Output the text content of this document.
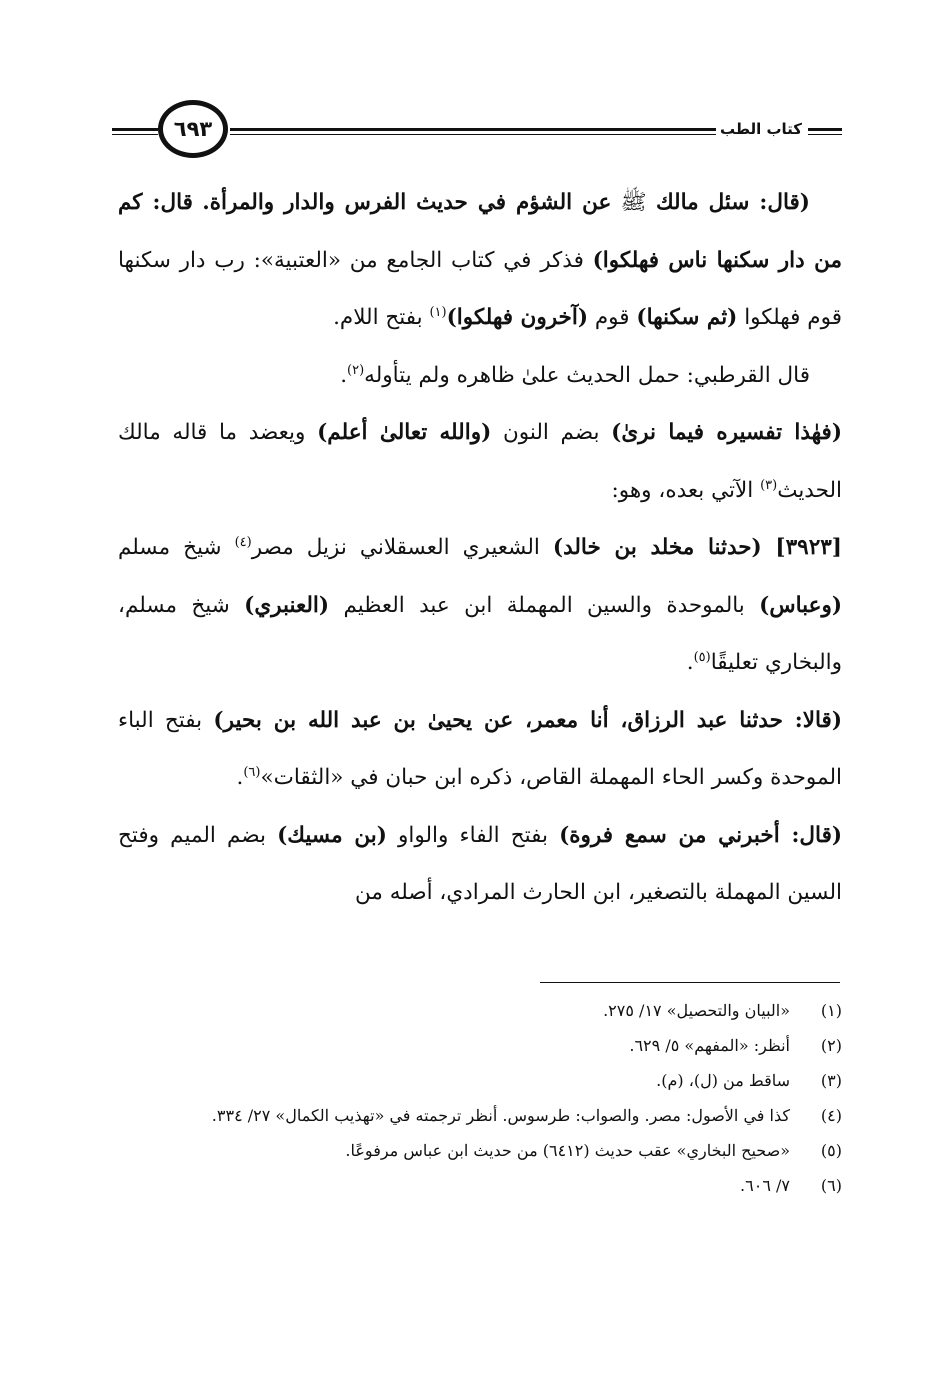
٦٩٣	كتاب الطب

(قال: سئل مالك ﷺ عن الشؤم في حديث الفرس والدار والمرأة. قال: كم من دار سكنها ناس فهلكوا) فذكر في كتاب الجامع من «العتبية»: رب دار سكنها قوم فهلكوا (ثم سكنها) قوم (آخرون فهلكوا)$^{(١)}$ بفتح اللام.

قال القرطبي: حمل الحديث علىٰ ظاهره ولم يتأوله$^{(٢)}$.

(فهٰذا تفسيره فيما نرىٰ) بضم النون (والله تعالىٰ أعلم) ويعضد ما قاله مالك الحديث$^{(٣)}$ الآتي بعده، وهو:

[٣٩٢٣] (حدثنا مخلد بن خالد) الشعيري العسقلاني نزيل مصر$^{(٤)}$ شيخ مسلم (وعباس) بالموحدة والسين المهملة ابن عبد العظيم (العنبري) شيخ مسلم، والبخاري تعليقًا$^{(٥)}$.

(قالا: حدثنا عبد الرزاق، أنا معمر، عن يحيىٰ بن عبد الله بن بحير) بفتح الباء الموحدة وكسر الحاء المهملة القاص، ذكره ابن حبان في «الثقات»$^{(٦)}$.

(قال: أخبرني من سمع فروة) بفتح الفاء والواو (بن مسيك) بضم الميم وفتح السين المهملة بالتصغير، ابن الحارث المرادي، أصله من

(١)
«البيان والتحصيل» ١٧/ ٢٧٥.

(٢)
أنظر: «المفهم» ٥/ ٦٢٩.

(٣)
ساقط من (ل)، (م).

(٤)
كذا في الأصول: مصر. والصواب: طرسوس. أنظر ترجمته في «تهذيب الكمال» ٢٧/ ٣٣٤.

(٥)
«صحيح البخاري» عقب حديث (٦٤١٢) من حديث ابن عباس مرفوعًا.

(٦)
٧/ ٦٠٦.
